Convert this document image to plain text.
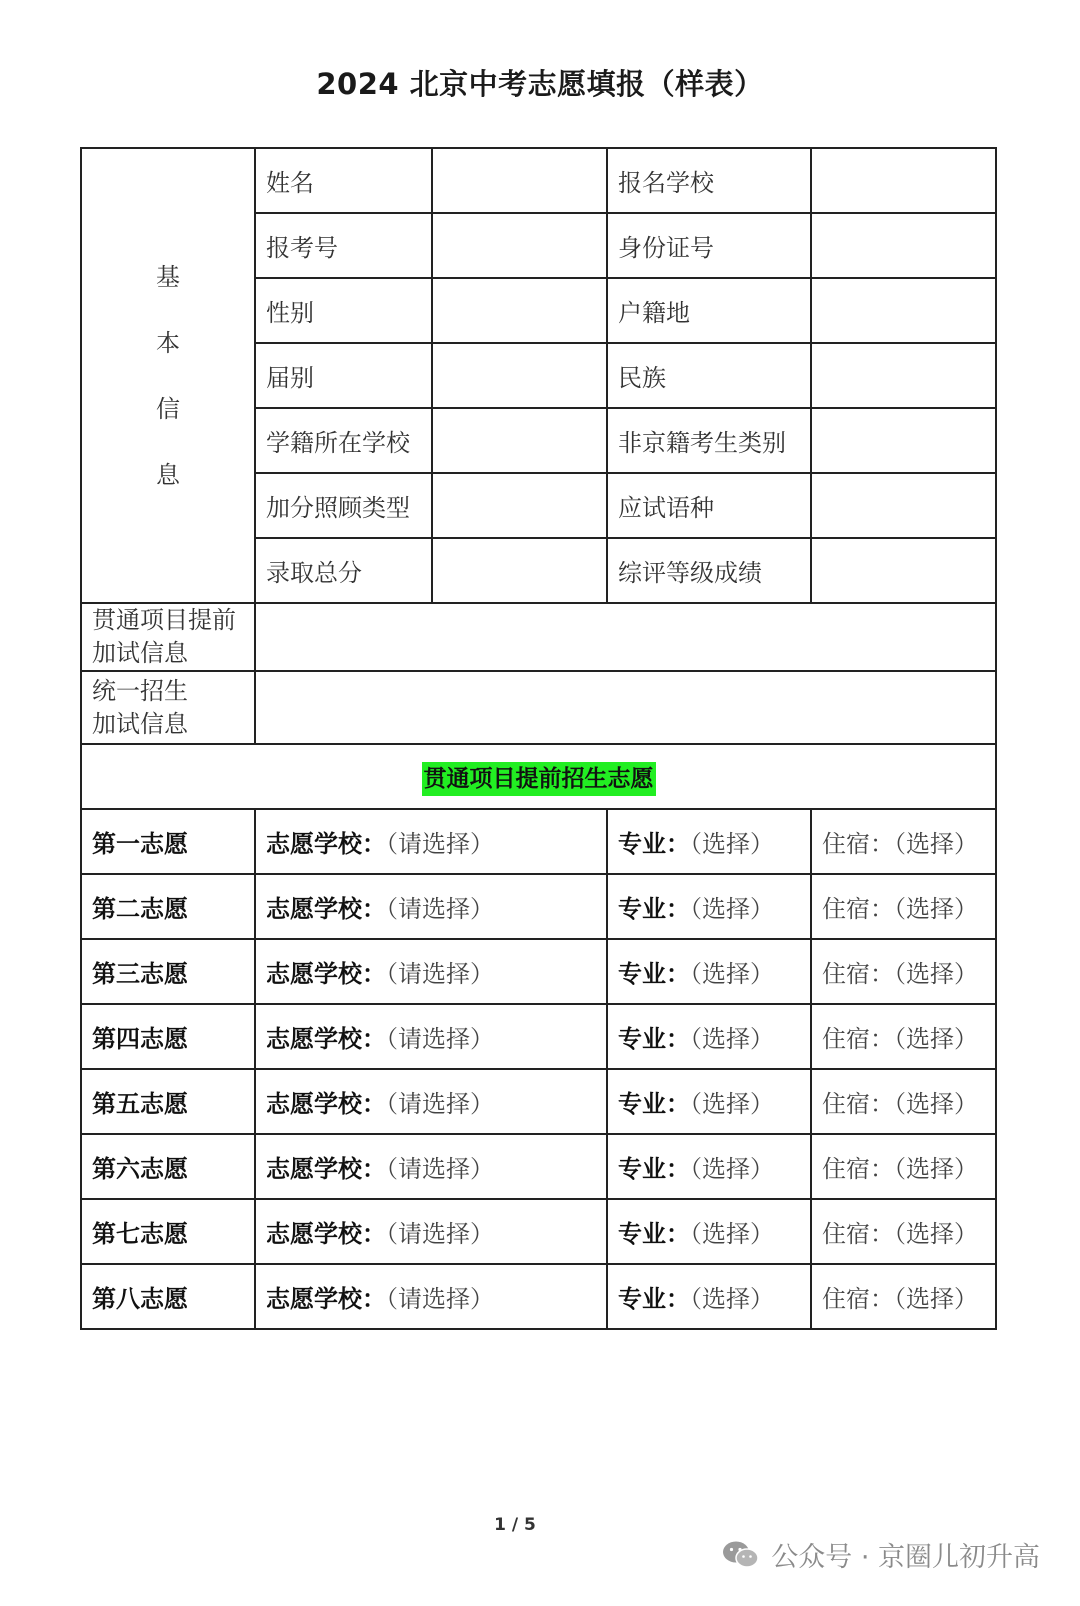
2024 北京中考志愿填报（样表）
基
本
信
息	姓名		报名学校	
	报考号		身份证号	
	性别		户籍地	
	届别		民族	
	学籍所在学校		非京籍考生类别	
	加分照顾类型		应试语种	
	录取总分		综评等级成绩	

贯通项目提前
加试信息				

统一招生
加试信息				

贯通项目提前招生志愿				
第一志愿	志愿学校：（请选择）		专业：（选择）	住宿：（选择）
第二志愿	志愿学校：（请选择）		专业：（选择）	住宿：（选择）
第三志愿	志愿学校：（请选择）		专业：（选择）	住宿：（选择）
第四志愿	志愿学校：（请选择）		专业：（选择）	住宿：（选择）
第五志愿	志愿学校：（请选择）		专业：（选择）	住宿：（选择）
第六志愿	志愿学校：（请选择）		专业：（选择）	住宿：（选择）
第七志愿	志愿学校：（请选择）		专业：（选择）	住宿：（选择）
第八志愿	志愿学校：（请选择）		专业：（选择）	住宿：（选择）
1 / 5
公众号 · 京圈儿初升高
